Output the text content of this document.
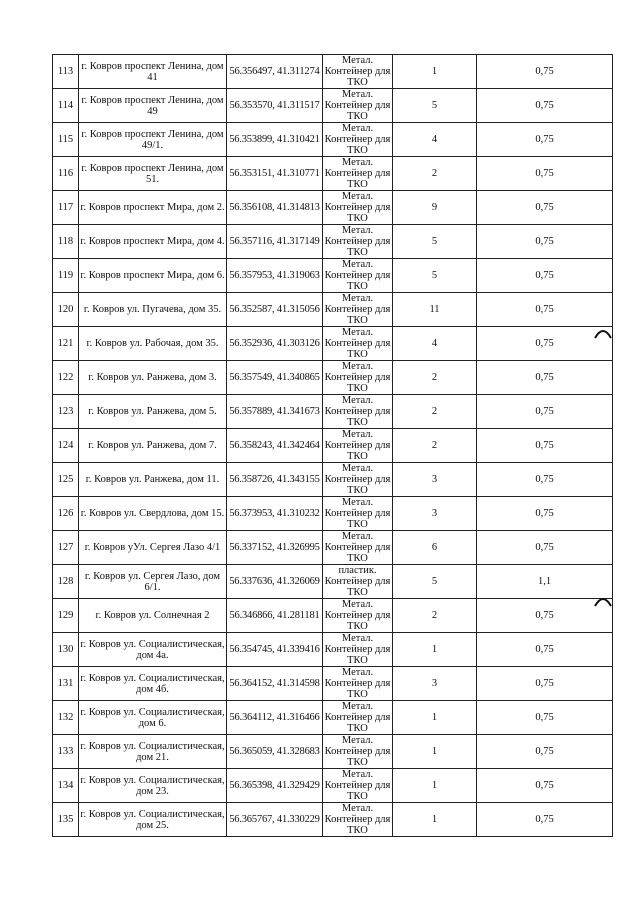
113	г. Ковров проспект Ленина, дом 41	56.356497, 41.311274	Метал.
Контейнер для
ТКО	1	0,75
114	г. Ковров проспект Ленина, дом 49	56.353570, 41.311517	Метал.
Контейнер для
ТКО	5	0,75
115	г. Ковров проспект Ленина, дом 49/1.	56.353899, 41.310421	Метал.
Контейнер для
ТКО	4	0,75
116	г. Ковров проспект Ленина, дом 51.	56.353151, 41.310771	Метал.
Контейнер для
ТКО	2	0,75
117	г. Ковров проспект Мира, дом 2.	56.356108, 41.314813	Метал.
Контейнер для
ТКО	9	0,75
118	г. Ковров проспект Мира, дом 4.	56.357116, 41.317149	Метал.
Контейнер для
ТКО	5	0,75
119	г. Ковров проспект Мира, дом 6.	56.357953, 41.319063	Метал.
Контейнер для
ТКО	5	0,75
120	г. Ковров ул. Пугачева, дом 35.	56.352587, 41.315056	Метал.
Контейнер для
ТКО	11	0,75
121	г. Ковров ул. Рабочая, дом 35.	56.352936, 41.303126	Метал.
Контейнер для
ТКО	4	0,75
122	г. Ковров ул. Ранжева, дом 3.	56.357549, 41.340865	Метал.
Контейнер для
ТКО	2	0,75
123	г. Ковров ул. Ранжева, дом 5.	56.357889, 41.341673	Метал.
Контейнер для
ТКО	2	0,75
124	г. Ковров ул. Ранжева, дом 7.	56.358243, 41.342464	Метал.
Контейнер для
ТКО	2	0,75
125	г. Ковров ул. Ранжева, дом 11.	56.358726, 41.343155	Метал.
Контейнер для
ТКО	3	0,75
126	г. Ковров ул. Свердлова, дом 15.	56.373953, 41.310232	Метал.
Контейнер для
ТКО	3	0,75
127	г. Ковров уУл. Сергея Лазо 4/1	56.337152, 41.326995	Метал.
Контейнер для
ТКО	6	0,75
128	г. Ковров ул. Сергея Лазо, дом 6/1.	56.337636, 41.326069	пластик.
Контейнер для
ТКО	5	1,1
129	г. Ковров ул. Солнечная 2	56.346866, 41.281181	Метал.
Контейнер для
ТКО	2	0,75
130	г. Ковров ул. Социалистическая, дом 4а.	56.354745, 41.339416	Метал.
Контейнер для
ТКО	1	0,75
131	г. Ковров ул. Социалистическая, дом 4б.	56.364152, 41.314598	Метал.
Контейнер для
ТКО	3	0,75
132	г. Ковров ул. Социалистическая, дом 6.	56.364112, 41.316466	Метал.
Контейнер для
ТКО	1	0,75
133	г. Ковров ул. Социалистическая, дом 21.	56.365059, 41.328683	Метал.
Контейнер для
ТКО	1	0,75
134	г. Ковров ул. Социалистическая, дом 23.	56.365398, 41.329429	Метал.
Контейнер для
ТКО	1	0,75
135	г. Ковров ул. Социалистическая, дом 25.	56.365767, 41.330229	Метал.
Контейнер для
ТКО	1	0,75
